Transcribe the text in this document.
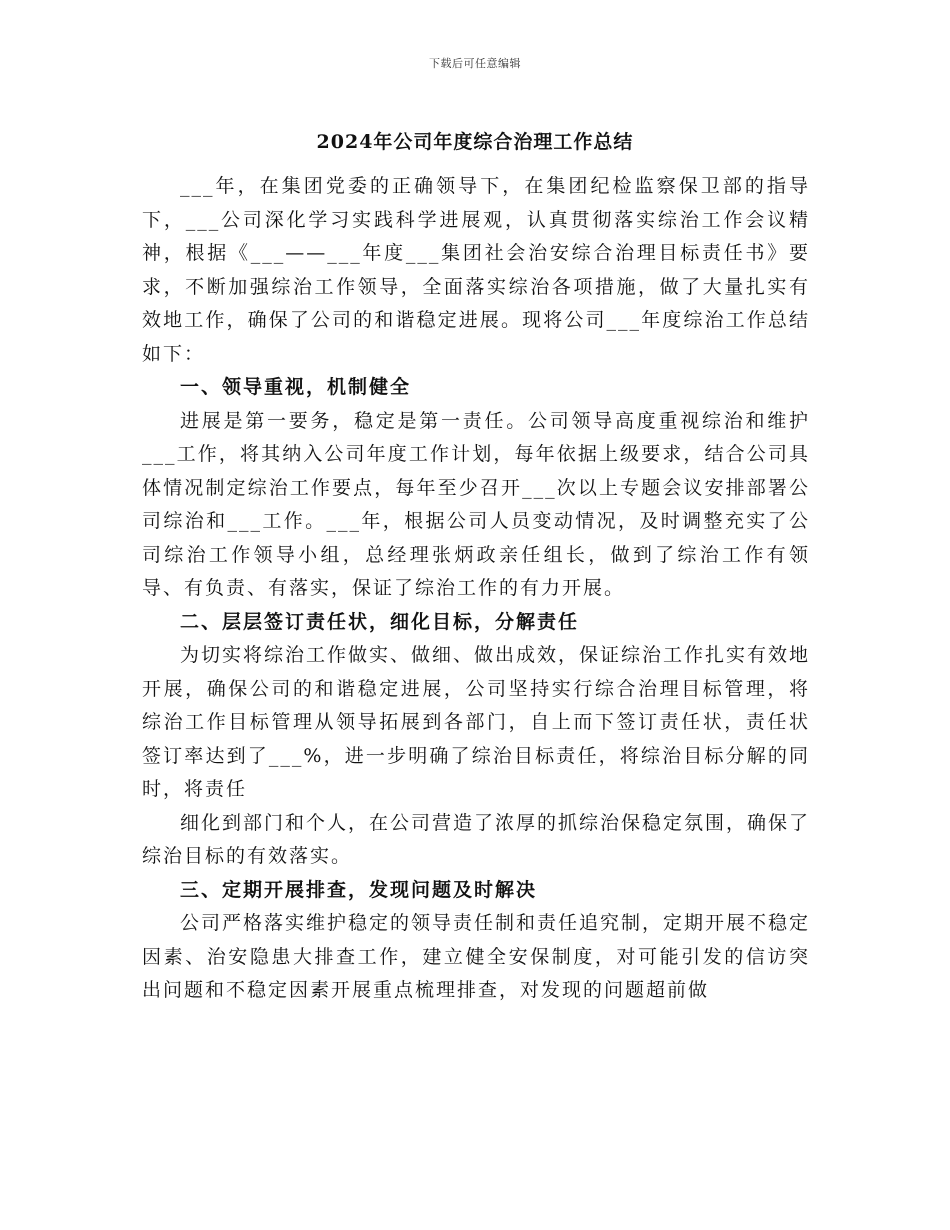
下载后可任意编辑
2024年公司年度综合治理工作总结

___年，在集团党委的正确领导下，在集团纪检监察保卫部的指导下，___公司深化学习实践科学进展观，认真贯彻落实综治工作会议精神，根据《___——___年度___集团社会治安综合治理目标责任书》要求，不断加强综治工作领导，全面落实综治各项措施，做了大量扎实有效地工作，确保了公司的和谐稳定进展。现将公司___年度综治工作总结如下：

一、领导重视，机制健全

进展是第一要务，稳定是第一责任。公司领导高度重视综治和维护___工作，将其纳入公司年度工作计划，每年依据上级要求，结合公司具体情况制定综治工作要点，每年至少召开___次以上专题会议安排部署公司综治和___工作。___年，根据公司人员变动情况，及时调整充实了公司综治工作领导小组，总经理张炳政亲任组长，做到了综治工作有领导、有负责、有落实，保证了综治工作的有力开展。

二、层层签订责任状，细化目标，分解责任

为切实将综治工作做实、做细、做出成效，保证综治工作扎实有效地开展，确保公司的和谐稳定进展，公司坚持实行综合治理目标管理，将综治工作目标管理从领导拓展到各部门，自上而下签订责任状，责任状签订率达到了___%，进一步明确了综治目标责任，将综治目标分解的同时，将责任

细化到部门和个人，在公司营造了浓厚的抓综治保稳定氛围，确保了综治目标的有效落实。

三、定期开展排查，发现问题及时解决

公司严格落实维护稳定的领导责任制和责任追究制，定期开展不稳定因素、治安隐患大排查工作，建立健全安保制度，对可能引发的信访突出问题和不稳定因素开展重点梳理排查，对发现的问题超前做
